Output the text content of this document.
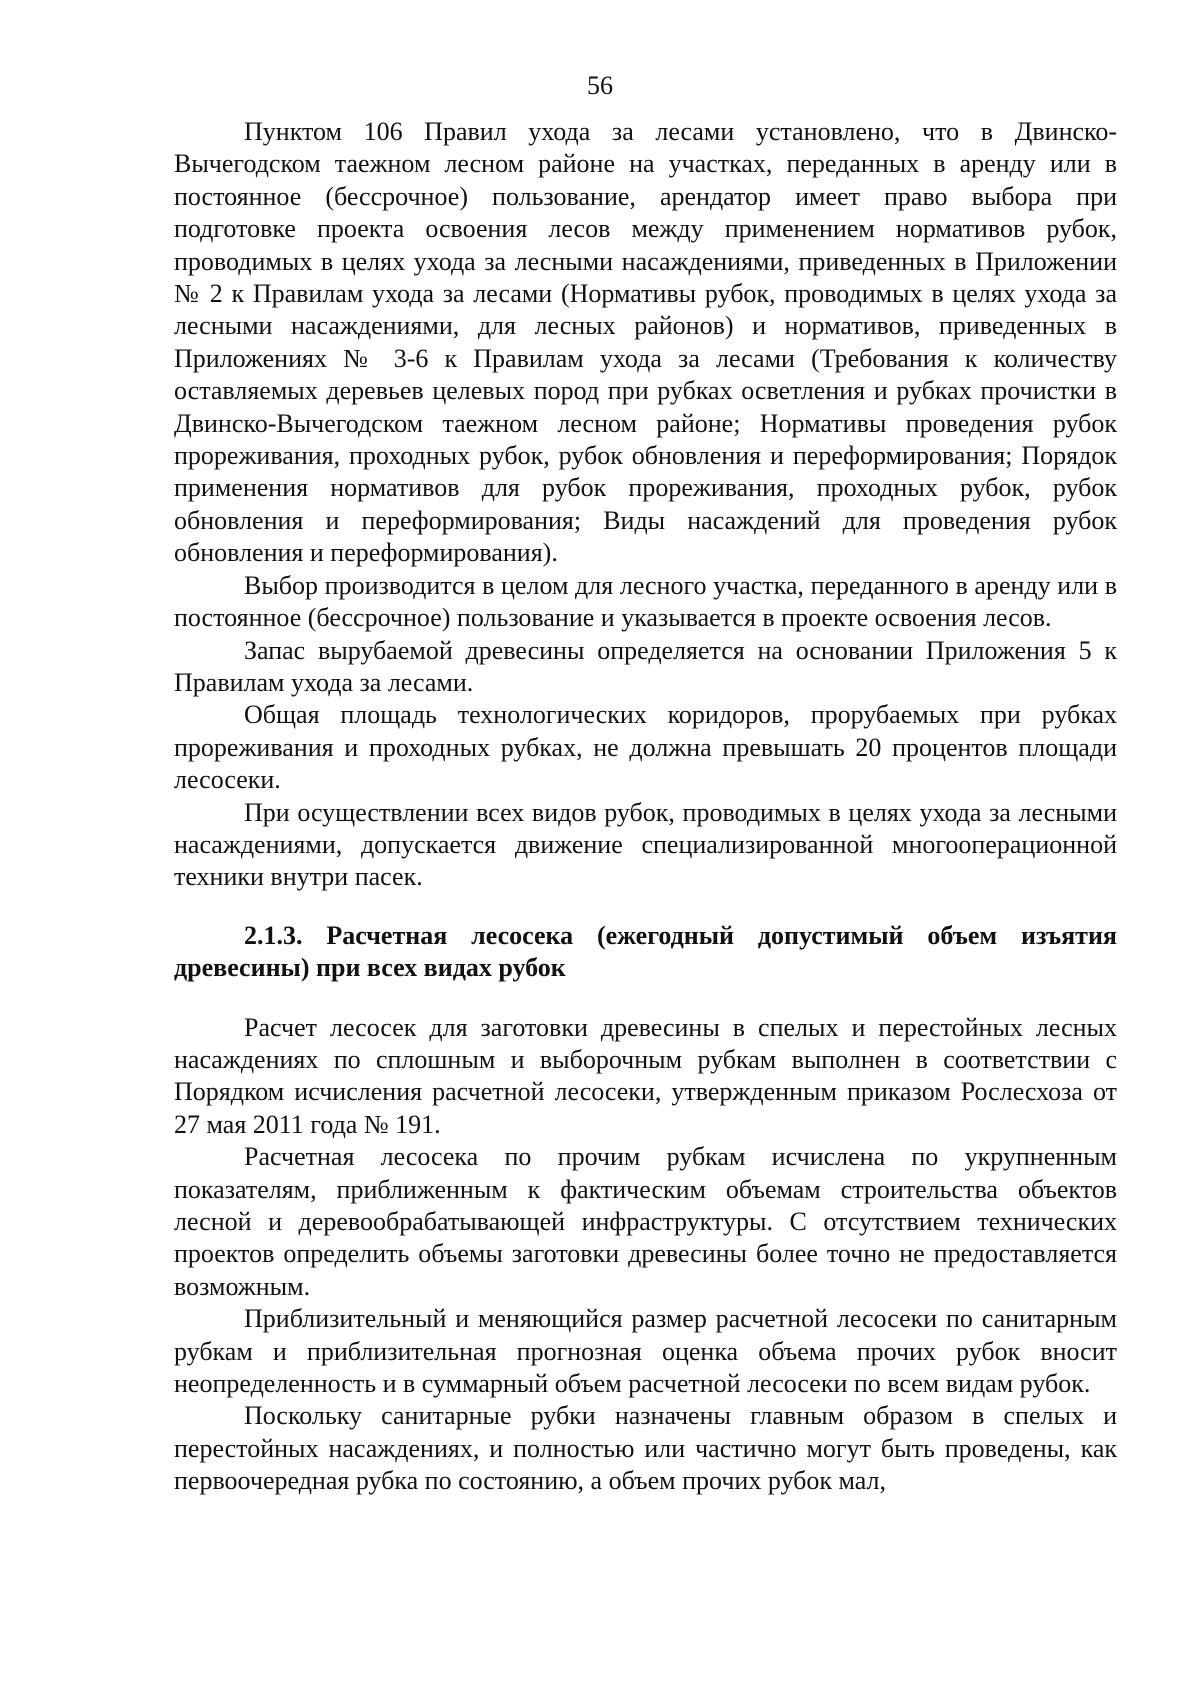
56

Пунктом 106 Правил ухода за лесами установлено, что в Двинско-Вычегодском таежном лесном районе на участках, переданных в аренду или в постоянное (бессрочное) пользование, арендатор имеет право выбора при подготовке проекта освоения лесов между применением нормативов рубок, проводимых в целях ухода за лесными насаждениями, приведенных в Приложении № 2 к Правилам ухода за лесами (Нормативы рубок, проводимых в целях ухода за лесными насаждениями, для лесных районов) и нормативов, приведенных в Приложениях № 3-6 к Правилам ухода за лесами (Требования к количеству оставляемых деревьев целевых пород при рубках осветления и рубках прочистки в Двинско-Вычегодском таежном лесном районе; Нормативы проведения рубок прореживания, проходных рубок, рубок обновления и переформирования; Порядок применения нормативов для рубок прореживания, проходных рубок, рубок обновления и переформирования; Виды насаждений для проведения рубок обновления и переформирования).

Выбор производится в целом для лесного участка, переданного в аренду или в постоянное (бессрочное) пользование и указывается в проекте освоения лесов.

Запас вырубаемой древесины определяется на основании Приложения 5 к Правилам ухода за лесами.

Общая площадь технологических коридоров, прорубаемых при рубках прореживания и проходных рубках, не должна превышать 20 процентов площади лесосеки.

При осуществлении всех видов рубок, проводимых в целях ухода за лесными насаждениями, допускается движение специализированной многооперационной техники внутри пасек.

2.1.3. Расчетная лесосека (ежегодный допустимый объем изъятия древесины) при всех видах рубок

Расчет лесосек для заготовки древесины в спелых и перестойных лесных насаждениях по сплошным и выборочным рубкам выполнен в соответствии с Порядком исчисления расчетной лесосеки, утвержденным приказом Рослесхоза от 27 мая 2011 года № 191.

Расчетная лесосека по прочим рубкам исчислена по укрупненным показателям, приближенным к фактическим объемам строительства объектов лесной и деревообрабатывающей инфраструктуры. С отсутствием технических проектов определить объемы заготовки древесины более точно не предоставляется возможным.

Приблизительный и меняющийся размер расчетной лесосеки по санитарным рубкам и приблизительная прогнозная оценка объема прочих рубок вносит неопределенность и в суммарный объем расчетной лесосеки по всем видам рубок.

Поскольку санитарные рубки назначены главным образом в спелых и перестойных насаждениях, и полностью или частично могут быть проведены, как первоочередная рубка по состоянию, а объем прочих рубок мал,
